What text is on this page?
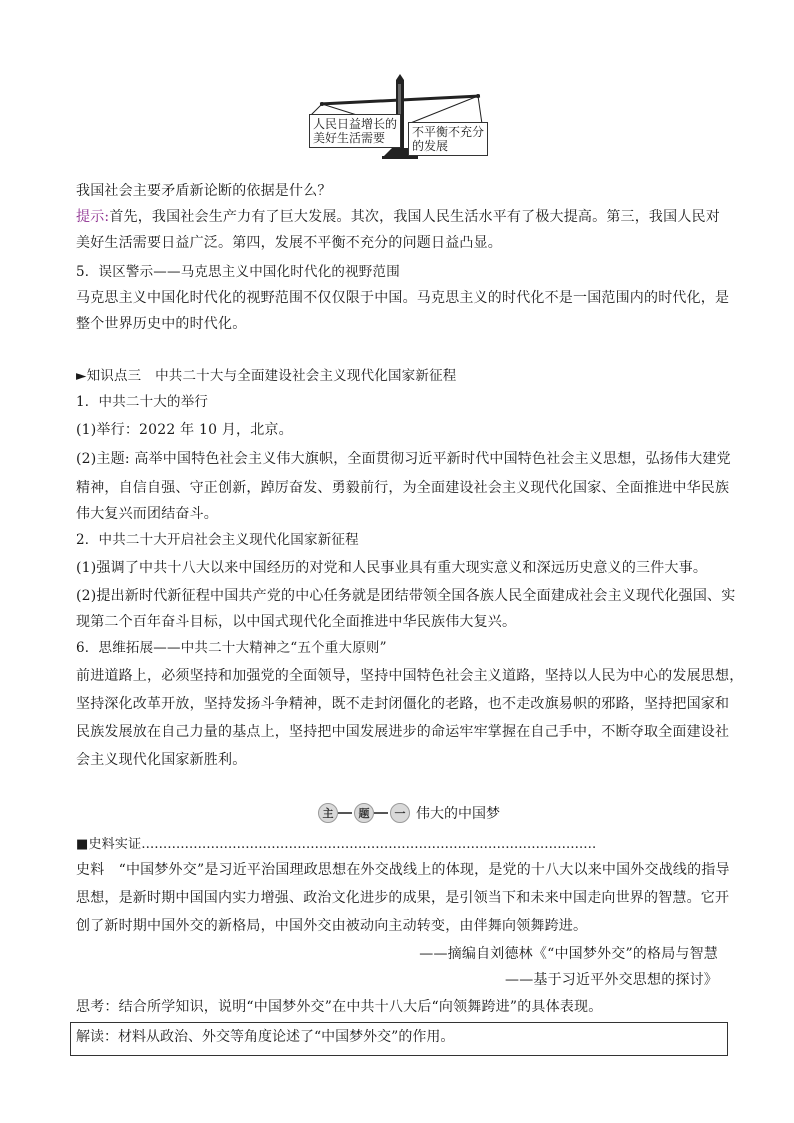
人民日益增长的
美好生活需要	不平衡不充分
的发展
我国社会主要矛盾新论断的依据是什么？
提示:首先，我国社会生产力有了巨大发展。其次，我国人民生活水平有了极大提高。第三，我国人民对
美好生活需要日益广泛。第四，发展不平衡不充分的问题日益凸显。
5．误区警示——马克思主义中国化时代化的视野范围
马克思主义中国化时代化的视野范围不仅仅限于中国。马克思主义的时代化不是一国范围内的时代化，是
整个世界历史中的时代化。
►知识点三　中共二十大与全面建设社会主义现代化国家新征程
1．中共二十大的举行
(1)举行：2022 年 10 月，北京。
(2)主题: 高举中国特色社会主义伟大旗帜，全面贯彻习近平新时代中国特色社会主义思想，弘扬伟大建党
精神，自信自强、守正创新，踔厉奋发、勇毅前行，为全面建设社会主义现代化国家、全面推进中华民族
伟大复兴而团结奋斗。
2．中共二十大开启社会主义现代化国家新征程
(1)强调了中共十八大以来中国经历的对党和人民事业具有重大现实意义和深远历史意义的三件大事。
(2)提出新时代新征程中国共产党的中心任务就是团结带领全国各族人民全面建成社会主义现代化强国、实
现第二个百年奋斗目标，以中国式现代化全面推进中华民族伟大复兴。
6．思维拓展——中共二十大精神之“五个重大原则”
前进道路上，必须坚持和加强党的全面领导，坚持中国特色社会主义道路，坚持以人民为中心的发展思想，
坚持深化改革开放，坚持发扬斗争精神，既不走封闭僵化的老路，也不走改旗易帜的邪路，坚持把国家和
民族发展放在自己力量的基点上，坚持把中国发展进步的命运牢牢掌握在自己手中，不断夺取全面建设社
会主义现代化国家新胜利。
主	题	一 伟大的中国梦
■史料实证……………………………………………………………………………………………
史料　“中国梦外交”是习近平治国理政思想在外交战线上的体现，是党的十八大以来中国外交战线的指导
思想，是新时期中国国内实力增强、政治文化进步的成果，是引领当下和未来中国走向世界的智慧。它开
创了新时期中国外交的新格局，中国外交由被动向主动转变，由伴舞向领舞跨进。
——摘编自刘德林《“中国梦外交”的格局与智慧
——基于习近平外交思想的探讨》
思考：结合所学知识，说明“中国梦外交”在中共十八大后“向领舞跨进”的具体表现。
解读：材料从政治、外交等角度论述了“中国梦外交”的作用。
